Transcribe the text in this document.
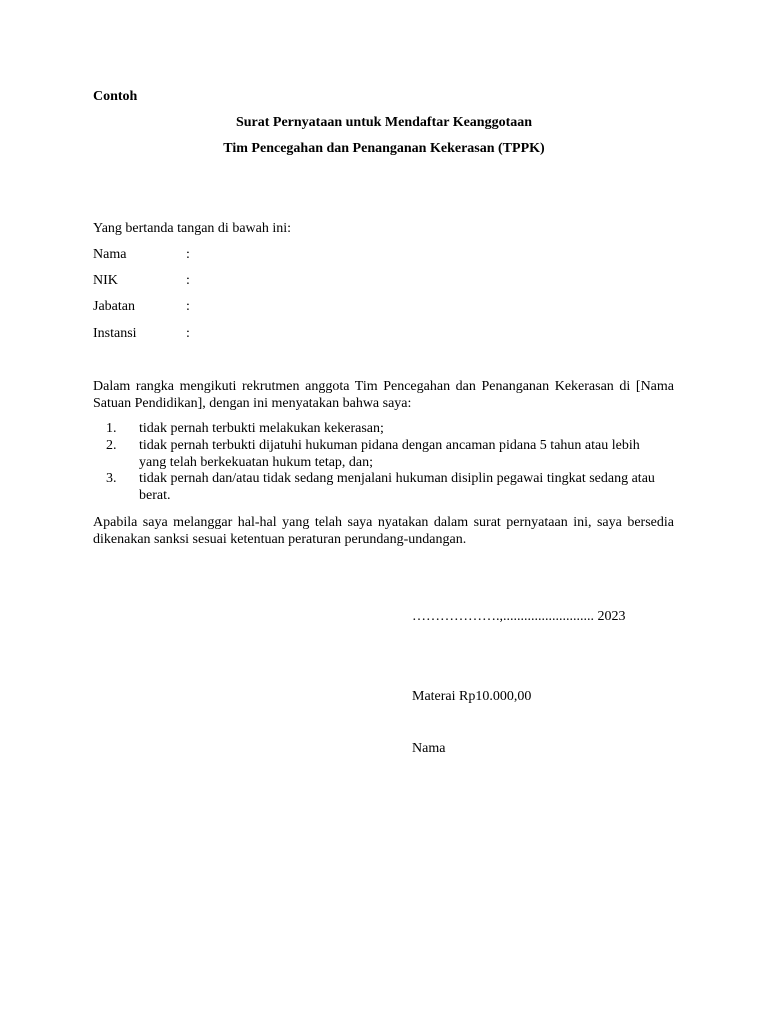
Contoh
Surat Pernyataan untuk Mendaftar Keanggotaan
Tim Pencegahan dan Penanganan Kekerasan (TPPK)
Yang bertanda tangan di bawah ini:
Nama	:
NIK	:
Jabatan	:
Instansi	:
Dalam rangka mengikuti rekrutmen anggota Tim Pencegahan dan Penanganan Kekerasan di [Nama Satuan Pendidikan], dengan ini menyatakan bahwa saya:
1. tidak pernah terbukti melakukan kekerasan;
2. tidak pernah terbukti dijatuhi hukuman pidana dengan ancaman pidana 5 tahun atau lebih yang telah berkekuatan hukum tetap, dan;
3. tidak pernah dan/atau tidak sedang menjalani hukuman disiplin pegawai tingkat sedang atau berat.
Apabila saya melanggar hal-hal yang telah saya nyatakan dalam surat pernyataan ini, saya bersedia dikenakan sanksi sesuai ketentuan peraturan perundang-undangan.
……………….,.......................... 2023
Materai Rp10.000,00
Nama
